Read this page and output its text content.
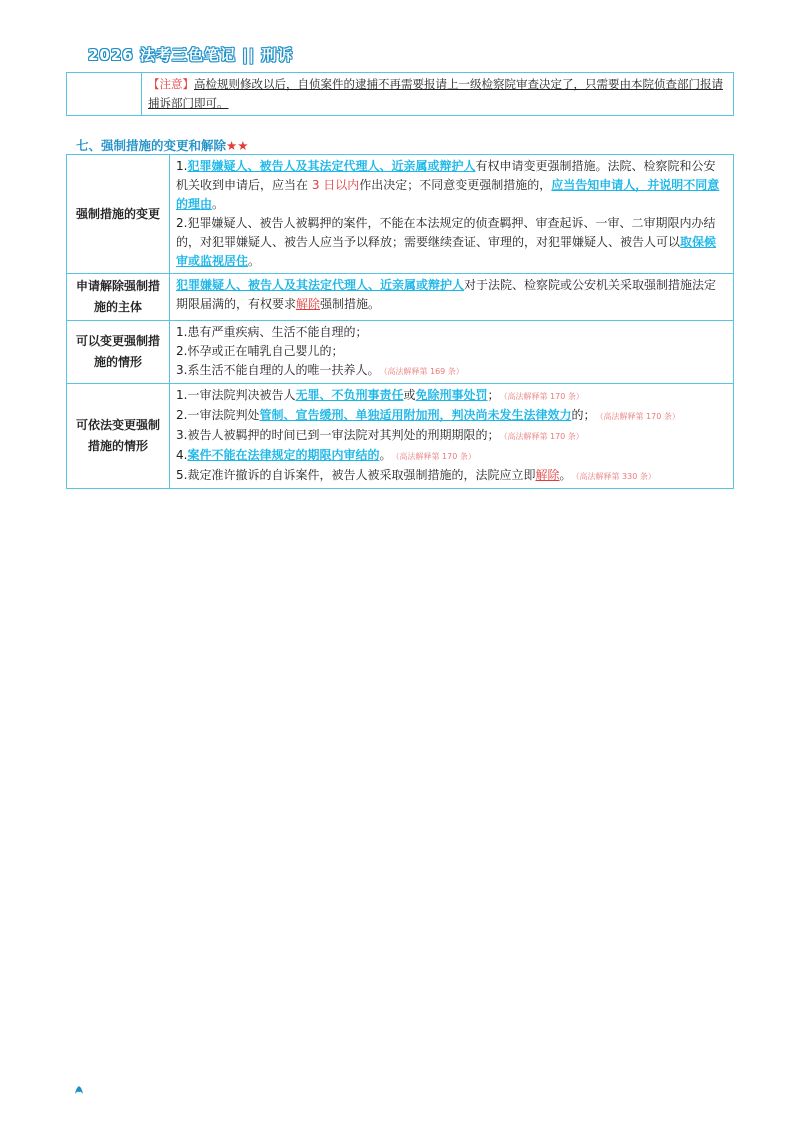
2026 法考三色笔记 || 刑诉
	【注意】高检规则修改以后，自侦案件的逮捕不再需要报请上一级检察院审查决定了，只需要由本院侦查部门报请捕诉部门即可。
七、强制措施的变更和解除★★
强制措施的变更	1.犯罪嫌疑人、被告人及其法定代理人、近亲属或辩护人有权申请变更强制措施。法院、检察院和公安机关收到申请后，应当在 3 日以内作出决定；不同意变更强制措施的，应当告知申请人，并说明不同意的理由。
2.犯罪嫌疑人、被告人被羁押的案件，不能在本法规定的侦查羁押、审查起诉、一审、二审期限内办结的，对犯罪嫌疑人、被告人应当予以释放；需要继续查证、审理的，对犯罪嫌疑人、被告人可以取保候审或监视居住。

申请解除强制措施的主体	犯罪嫌疑人、被告人及其法定代理人、近亲属或辩护人对于法院、检察院或公安机关采取强制措施法定期限届满的，有权要求解除强制措施。
可以变更强制措施的情形	1.患有严重疾病、生活不能自理的；
2.怀孕或正在哺乳自己婴儿的；
3.系生活不能自理的人的唯一扶养人。 （高法解释第 169 条）

可依法变更强制措施的情形	1.一审法院判决被告人无罪、不负刑事责任或免除刑事处罚； （高法解释第 170 条）
2.一审法院判处管制、宣告缓刑、单独适用附加刑，判决尚未发生法律效力的； （高法解释第 170 条）
3.被告人被羁押的时间已到一审法院对其判处的刑期期限的； （高法解释第 170 条）
4.案件不能在法律规定的期限内审结的。 （高法解释第 170 条）
5.裁定准许撤诉的自诉案件，被告人被采取强制措施的，法院应立即解除。 （高法解释第 330 条）
